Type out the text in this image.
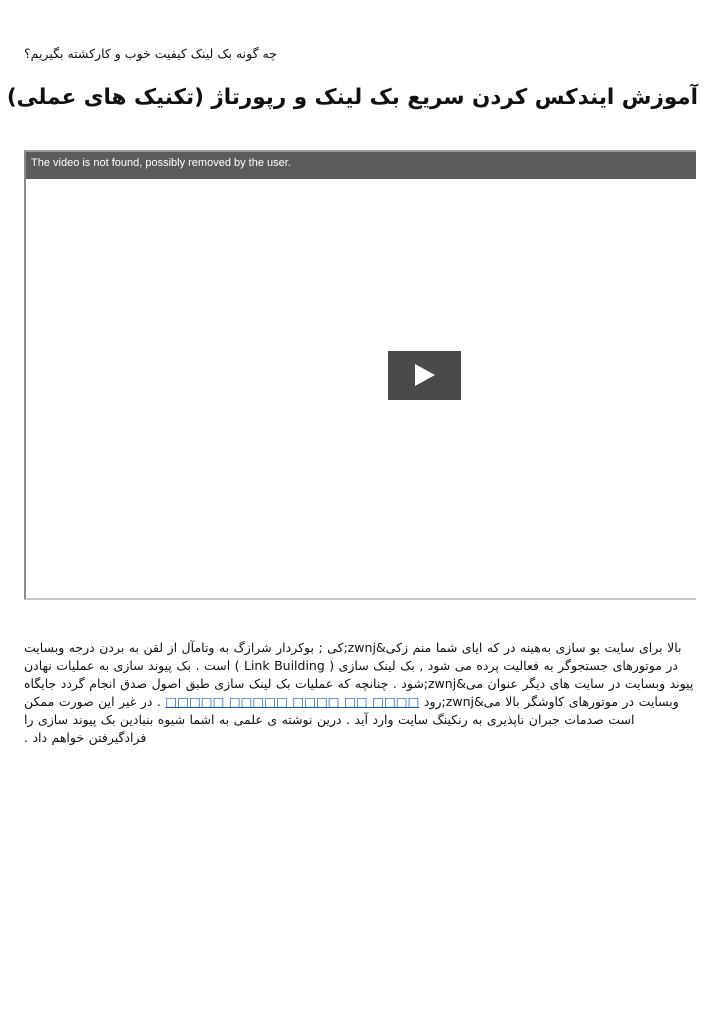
چه گونه بک لینک کیفیت خوب و کارکشته بگیریم؟
آموزش ایندکس کردن سریع بک لینک و رپورتاژ (تکنیک های عملی)
The video is not found, possibly removed by the user.

بالا برای سایت بو سازی به‌هینه در که ایای شما منم زکی&zwnj;کی ; بوکردار شرازگ به وتامآل از لقن به بردن درجه وبسایت در موتورهای جستجوگر به فعالیت پرده می شود , بک لینک سازی ( Link Building ) است . بک پیوند سازی به عملیات نهادن پیوند وبسایت در سایت های دیگر عنوان می&zwnj;شود . چنانچه که عملیات بک لینک سازی طبق اصول صدق انجام گردد جایگاه وبسایت در موتورهای کاوشگر بالا می&zwnj;رود □□□□ □□ □□□□ □□□□□ □□□□□ . در غیر این صورت ممکن است صدمات جبران ناپذیری به رنکینگ سایت وارد آید . درین نوشته ی علمی به اشما شیوه بنیادین بک پیوند سازی را فرادگیرفتن خواهم داد .
